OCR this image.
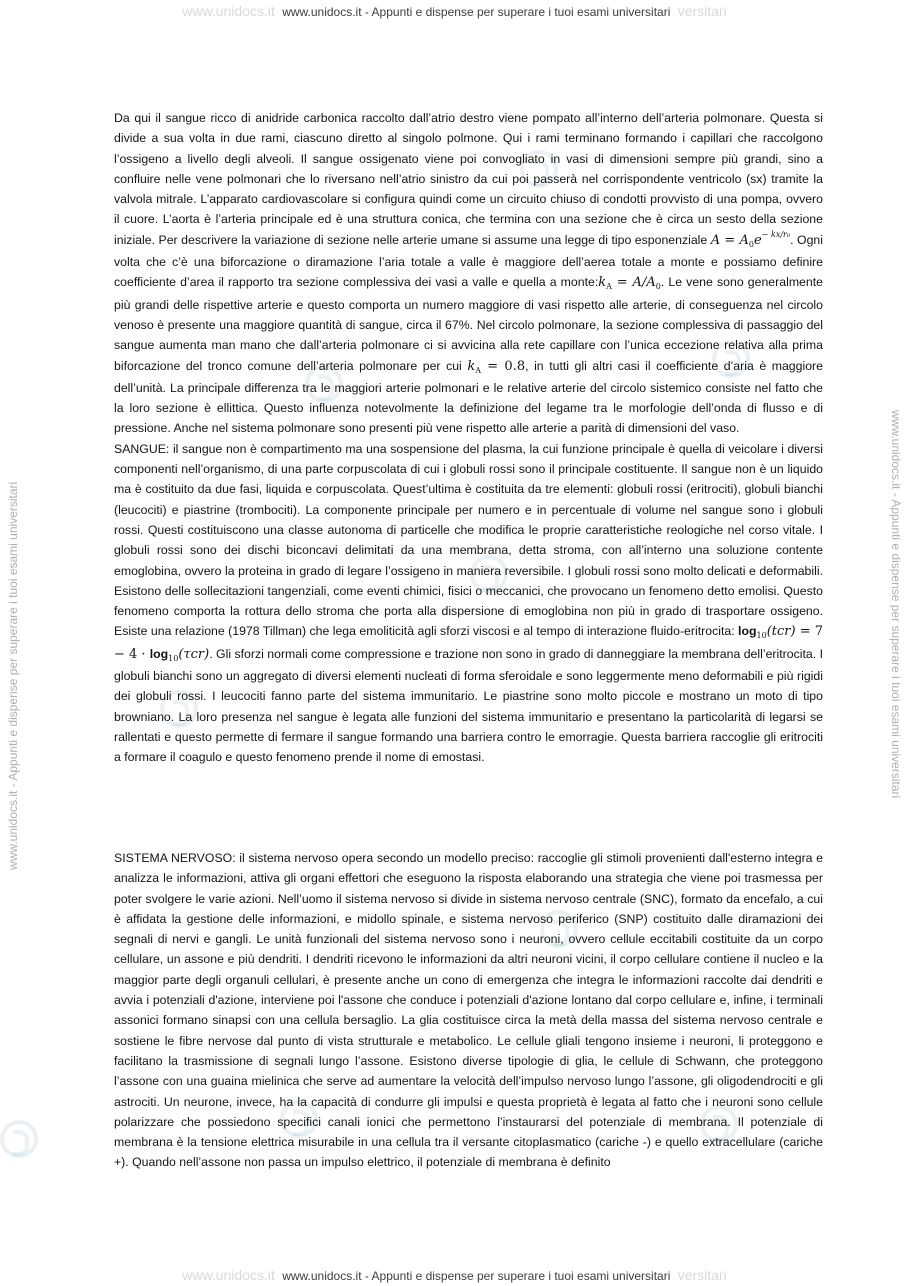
www.unidocs.it www.unidocs.it - Appunti e dispense per superare i tuoi esami universitari versitari
www.unidocs.it - Appunti e dispense per superare i tuoi esami universitari	www.unidocs.it - Appunti e dispense per superare i tuoi esami universitari

Da qui il sangue ricco di anidride carbonica raccolto dall’atrio destro viene pompato all’interno dell’arteria polmonare. Questa si divide a sua volta in due rami, ciascuno diretto al singolo polmone. Qui i rami terminano formando i capillari che raccolgono l’ossigeno a livello degli alveoli. Il sangue ossigenato viene poi convogliato in vasi di dimensioni sempre più grandi, sino a confluire nelle vene polmonari che lo riversano nell’atrio sinistro da cui poi passerà nel corrispondente ventricolo (sx) tramite la valvola mitrale. L’apparato cardiovascolare si configura quindi come un circuito chiuso di condotti provvisto di una pompa, ovvero il cuore. L’aorta è l’arteria principale ed è una struttura conica, che termina con una sezione che è circa un sesto della sezione iniziale. Per descrivere la variazione di sezione nelle arterie umane si assume una legge di tipo esponenziale $A = A_0e^{- kx/r_0}$. Ogni volta che c’è una biforcazione o diramazione l’aria totale a valle è maggiore dell’aerea totale a monte e possiamo definire coefficiente d’area il rapporto tra sezione complessiva dei vasi a valle e quella a $monte:k_A = A/A_0$. Le vene sono generalmente più grandi delle rispettive arterie e questo comporta un numero maggiore di vasi rispetto alle arterie, di conseguenza nel circolo venoso è presente una maggiore quantità di sangue, circa il 67%. Nel circolo polmonare, la sezione complessiva di passaggio del sangue aumenta man mano che dall’arteria polmonare ci si avvicina alla rete capillare con l’unica eccezione relativa alla prima biforcazione del tronco comune dell’arteria polmonare per cui $k_A = 0.8$, in tutti gli altri casi il coefficiente d’aria è maggiore dell’unità. La principale differenza tra le maggiori arterie polmonari e le relative arterie del circolo sistemico consiste nel fatto che la loro sezione è ellittica. Questo influenza notevolmente la definizione del legame tra le morfologie dell’onda di flusso e di pressione. Anche nel sistema polmonare sono presenti più vene rispetto alle arterie a parità di dimensioni del vaso.

SANGUE: il sangue non è compartimento ma una sospensione del plasma, la cui funzione principale è quella di veicolare i diversi componenti nell’organismo, di una parte corpuscolata di cui i globuli rossi sono il principale costituente. Il sangue non è un liquido ma è costituito da due fasi, liquida e corpuscolata. Quest’ultima è costituita da tre elementi: globuli rossi (eritrociti), globuli bianchi (leucociti) e piastrine (trombociti). La componente principale per numero e in percentuale di volume nel sangue sono i globuli rossi. Questi costituiscono una classe autonoma di particelle che modifica le proprie caratteristiche reologiche nel corso vitale. I globuli rossi sono dei dischi biconcavi delimitati da una membrana, detta stroma, con all’interno una soluzione contente emoglobina, ovvero la proteina in grado di legare l’ossigeno in maniera reversibile. I globuli rossi sono molto delicati e deformabili. Esistono delle sollecitazioni tangenziali, come eventi chimici, fisici o meccanici, che provocano un fenomeno detto emolisi. Questo fenomeno comporta la rottura dello stroma che porta alla dispersione di emoglobina non più in grado di trasportare ossigeno. Esiste una relazione (1978 Tillman) che lega emoliticità agli sforzi viscosi e al tempo di interazione fluido-eritrocita: $\log_{10}(tcr) = 7 - 4 \cdot \log_{10}(\tau cr)$. Gli sforzi normali come compressione e trazione non sono in grado di danneggiare la membrana dell’eritrocita. I globuli bianchi sono un aggregato di diversi elementi nucleati di forma sferoidale e sono leggermente meno deformabili e più rigidi dei globuli rossi. I leucociti fanno parte del sistema immunitario. Le piastrine sono molto piccole e mostrano un moto di tipo browniano. La loro presenza nel sangue è legata alle funzioni del sistema immunitario e presentano la particolarità di legarsi se rallentati e questo permette di fermare il sangue formando una barriera contro le emorragie. Questa barriera raccoglie gli eritrociti a formare il coagulo e questo fenomeno prende il nome di emostasi.

SISTEMA NERVOSO: il sistema nervoso opera secondo un modello preciso: raccoglie gli stimoli provenienti dall'esterno integra e analizza le informazioni, attiva gli organi effettori che eseguono la risposta elaborando una strategia che viene poi trasmessa per poter svolgere le varie azioni. Nell’uomo il sistema nervoso si divide in sistema nervoso centrale (SNC), formato da encefalo, a cui è affidata la gestione delle informazioni, e midollo spinale, e sistema nervoso periferico (SNP) costituito dalle diramazioni dei segnali di nervi e gangli. Le unità funzionali del sistema nervoso sono i neuroni, ovvero cellule eccitabili costituite da un corpo cellulare, un assone e più dendriti. I dendriti ricevono le informazioni da altri neuroni vicini, il corpo cellulare contiene il nucleo e la maggior parte degli organuli cellulari, è presente anche un cono di emergenza che integra le informazioni raccolte dai dendriti e avvia i potenziali d'azione, interviene poi l'assone che conduce i potenziali d'azione lontano dal corpo cellulare e, infine, i terminali assonici formano sinapsi con una cellula bersaglio. La glia costituisce circa la metà della massa del sistema nervoso centrale e sostiene le fibre nervose dal punto di vista strutturale e metabolico. Le cellule gliali tengono insieme i neuroni, li proteggono e facilitano la trasmissione di segnali lungo l’assone. Esistono diverse tipologie di glia, le cellule di Schwann, che proteggono l’assone con una guaina mielinica che serve ad aumentare la velocità dell’impulso nervoso lungo l’assone, gli oligodendrociti e gli astrociti. Un neurone, invece, ha la capacità di condurre gli impulsi e questa proprietà è legata al fatto che i neuroni sono cellule polarizzare che possiedono specifici canali ionici che permettono l’instaurarsi del potenziale di membrana. Il potenziale di membrana è la tensione elettrica misurabile in una cellula tra il versante citoplasmatico (cariche -) e quello extracellulare (cariche +). Quando nell’assone non passa un impulso elettrico, il potenziale di membrana è definito

www.unidocs.it www.unidocs.it - Appunti e dispense per superare i tuoi esami universitari versitari
